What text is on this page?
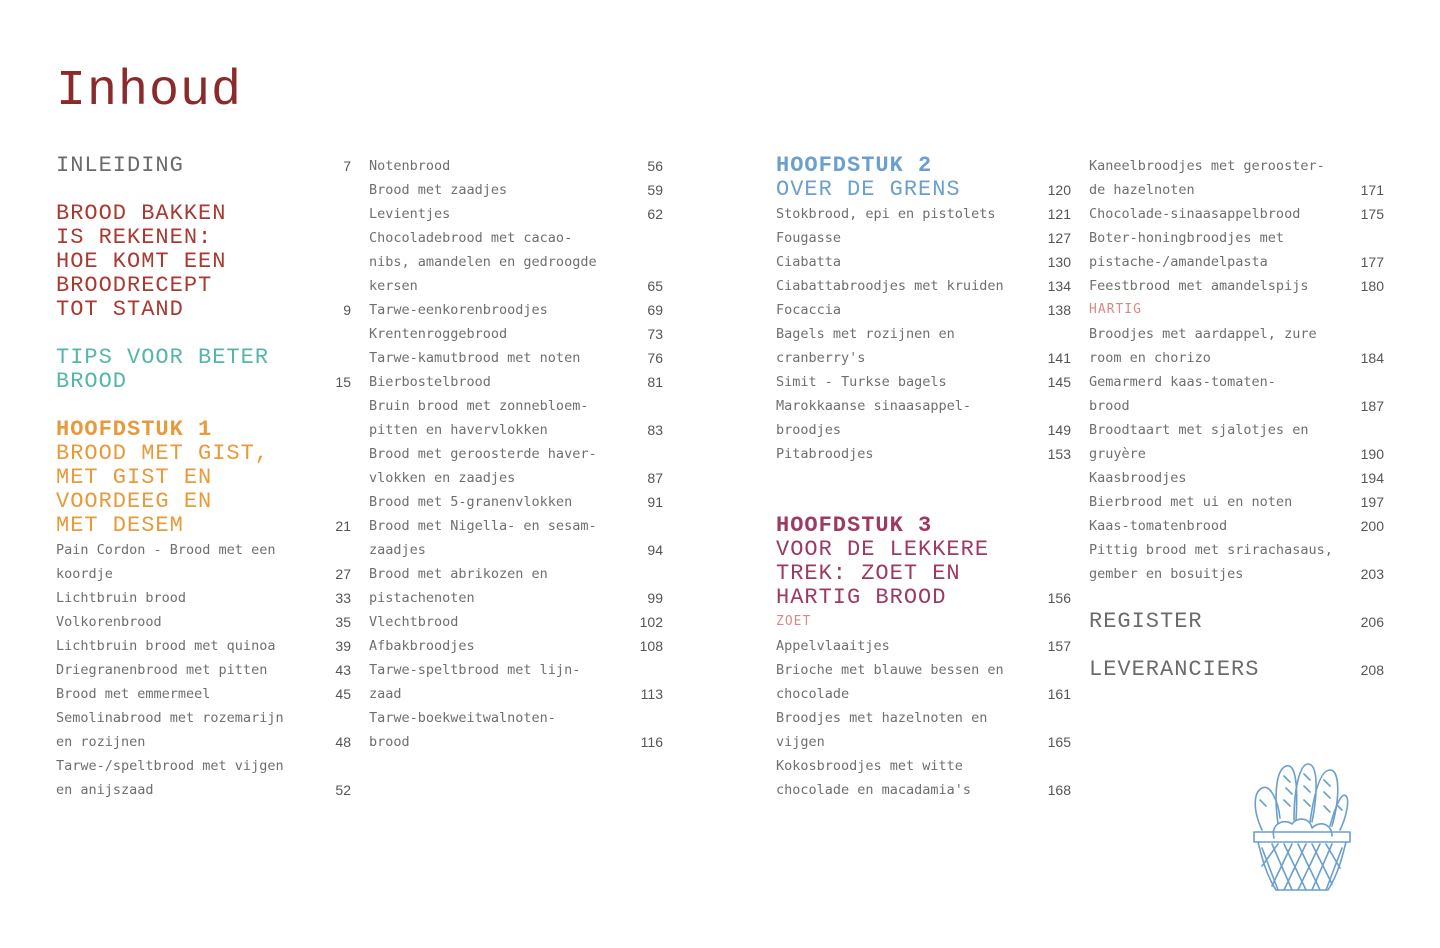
Inhoud
INLEIDING	7
BROOD BAKKEN
IS REKENEN:
HOE KOMT EEN
BROODRECEPT
TOT STAND	9
TIPS VOOR BETER
BROOD	15
HOOFDSTUK 1
BROOD MET GIST,
MET GIST EN
VOORDEEG EN
MET DESEM	21
Pain Cordon - Brood met een
koordje	27
Lichtbruin brood	33
Volkorenbrood	35
Lichtbruin brood met quinoa	39
Driegranenbrood met pitten	43
Brood met emmermeel	45
Semolinabrood met rozemarijn
en rozijnen	48
Tarwe-/speltbrood met vijgen
en anijszaad	52
Notenbrood	56
Brood met zaadjes	59
Levientjes	62
Chocoladebrood met cacao-
nibs, amandelen en gedroogde
kersen	65
Tarwe-eenkorenbroodjes	69
Krentenroggebrood	73
Tarwe-kamutbrood met noten	76
Bierbostelbrood	81
Bruin brood met zonnebloem-
pitten en havervlokken	83
Brood met geroosterde haver-
vlokken en zaadjes	87
Brood met 5-granenvlokken	91
Brood met Nigella- en sesam-
zaadjes	94
Brood met abrikozen en
pistachenoten	99
Vlechtbrood	102
Afbakbroodjes	108
Tarwe-speltbrood met lijn-
zaad	113
Tarwe-boekweitwalnoten-
brood	116
HOOFDSTUK 2
OVER DE GRENS	120
Stokbrood, epi en pistolets	121
Fougasse	127
Ciabatta	130
Ciabattabroodjes met kruiden	134
Focaccia	138
Bagels met rozijnen en
cranberry's	141
Simit - Turkse bagels	145
Marokkaanse sinaasappel-
broodjes	149
Pitabroodjes	153
HOOFDSTUK 3
VOOR DE LEKKERE
TREK: ZOET EN
HARTIG BROOD	156
ZOET
Appelvlaaitjes	157
Brioche met blauwe bessen en
chocolade	161
Broodjes met hazelnoten en
vijgen	165
Kokosbroodjes met witte
chocolade en macadamia's	168
Kaneelbroodjes met gerooster-
de hazelnoten	171
Chocolade-sinaasappelbrood	175
Boter-honingbroodjes met
pistache-/amandelpasta	177
Feestbrood met amandelspijs	180
HARTIG
Broodjes met aardappel, zure
room en chorizo	184
Gemarmerd kaas-tomaten-
brood	187
Broodtaart met sjalotjes en
gruyère	190
Kaasbroodjes	194
Bierbrood met ui en noten	197
Kaas-tomatenbrood	200
Pittig brood met srirachasaus,
gember en bosuitjes	203
REGISTER	206
LEVERANCIERS	208
